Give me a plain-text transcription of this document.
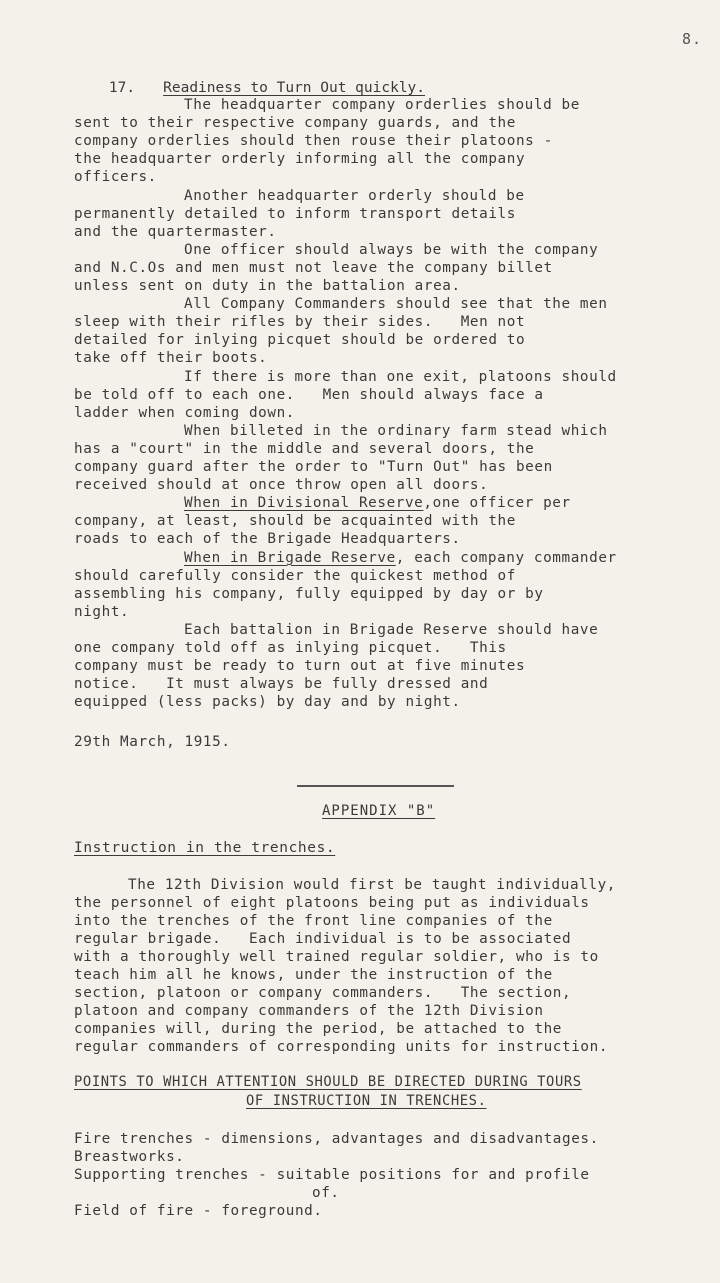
8.

17. Readiness to Turn Out quickly.

The headquarter company orderlies should be
sent to their respective company guards, and the
company orderlies should then rouse their platoons -
the headquarter orderly informing all the company
officers.
Another headquarter orderly should be
permanently detailed to inform transport details
and the quartermaster.
One officer should always be with the company
and N.C.Os and men must not leave the company billet
unless sent on duty in the battalion area.
All Company Commanders should see that the men
sleep with their rifles by their sides.   Men not
detailed for inlying picquet should be ordered to
take off their boots.
If there is more than one exit, platoons should
be told off to each one.   Men should always face a
ladder when coming down.
When billeted in the ordinary farm stead which
has a "court" in the middle and several doors, the
company guard after the order to "Turn Out" has been
received should at once throw open all doors.
When in Divisional Reserve,one officer per
company, at least, should be acquainted with the
roads to each of the Brigade Headquarters.
When in Brigade Reserve, each company commander
should carefully consider the quickest method of
assembling his company, fully equipped by day or by
night.
Each battalion in Brigade Reserve should have
one company told off as inlying picquet.   This
company must be ready to turn out at five minutes
notice.   It must always be fully dressed and
equipped (less packs) by day and by night.

29th March, 1915.

APPENDIX "B"
Instruction in the trenches.
The 12th Division would first be taught individually,
the personnel of eight platoons being put as individuals
into the trenches of the front line companies of the
regular brigade.   Each individual is to be associated
with a thoroughly well trained regular soldier, who is to
teach him all he knows, under the instruction of the
section, platoon or company commanders.   The section,
platoon and company commanders of the 12th Division
companies will, during the period, be attached to the
regular commanders of corresponding units for instruction.

POINTS TO WHICH ATTENTION SHOULD BE DIRECTED DURING TOURS

OF INSTRUCTION IN TRENCHES.

Fire trenches - dimensions, advantages and disadvantages.
Breastworks.
Supporting trenches - suitable positions for and profile
of.
Field of fire - foreground.
